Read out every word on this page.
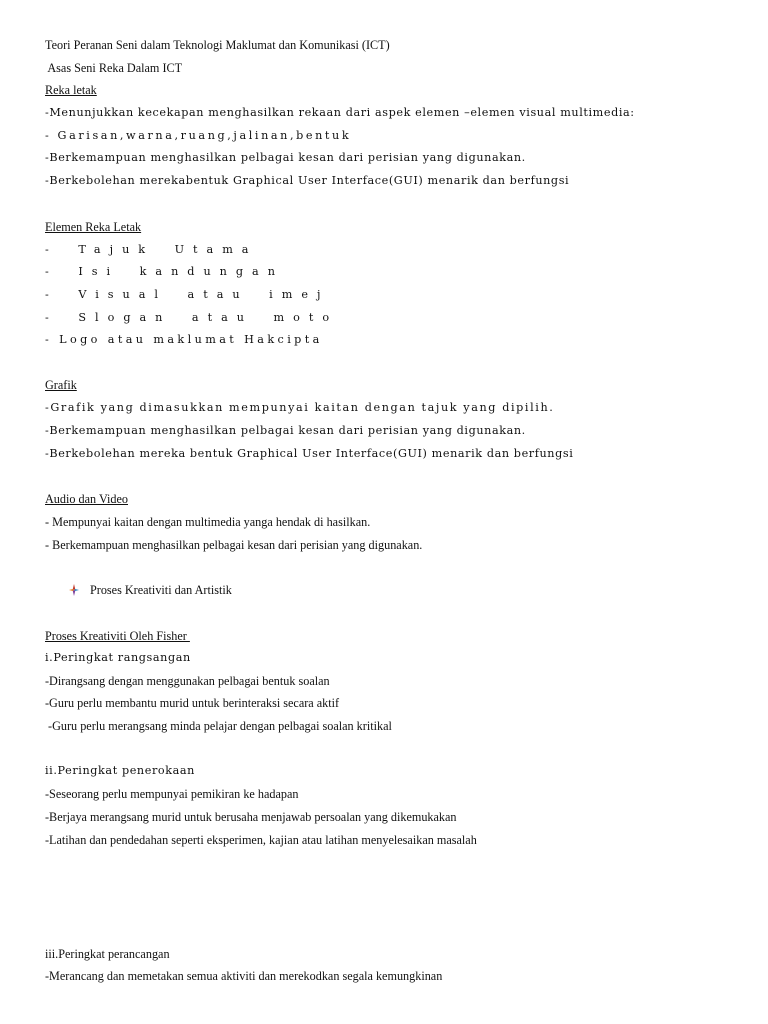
Teori Peranan Seni dalam Teknologi Maklumat dan Komunikasi (ICT)
Asas Seni Reka Dalam ICT
Reka letak
-Menunjukkan kecekapan menghasilkan rekaan dari aspek elemen –elemen visual multimedia:
- Garisan,warna,ruang,jalinan,bentuk
-Berkemampuan menghasilkan pelbagai kesan dari perisian yang digunakan.
-Berkebolehan merekabentuk Graphical User Interface(GUI) menarik dan berfungsi
Elemen Reka Letak
- Tajuk Utama
- Isi kandungan
- Visual atau imej
- Slogan atau moto
- Logo atau maklumat Hakcipta
Grafik
-Grafik yang dimasukkan mempunyai kaitan dengan tajuk yang dipilih.
-Berkemampuan menghasilkan pelbagai kesan dari perisian yang digunakan.
-Berkebolehan mereka bentuk Graphical User Interface(GUI) menarik dan berfungsi
Audio dan Video
- Mempunyai kaitan dengan multimedia yanga hendak di hasilkan.
- Berkemampuan menghasilkan pelbagai kesan dari perisian yang digunakan.
Proses Kreativiti dan Artistik
Proses Kreativiti Oleh Fisher
i.Peringkat rangsangan
-Dirangsang dengan menggunakan pelbagai bentuk soalan
-Guru perlu membantu murid untuk berinteraksi secara aktif
-Guru perlu merangsang minda pelajar dengan pelbagai soalan kritikal
ii.Peringkat penerokaan
-Seseorang perlu mempunyai pemikiran ke hadapan
-Berjaya merangsang murid untuk berusaha menjawab persoalan yang dikemukakan
-Latihan dan pendedahan seperti eksperimen, kajian atau latihan menyelesaikan masalah
iii.Peringkat perancangan
-Merancang dan memetakan semua aktiviti dan merekodkan segala kemungkinan
